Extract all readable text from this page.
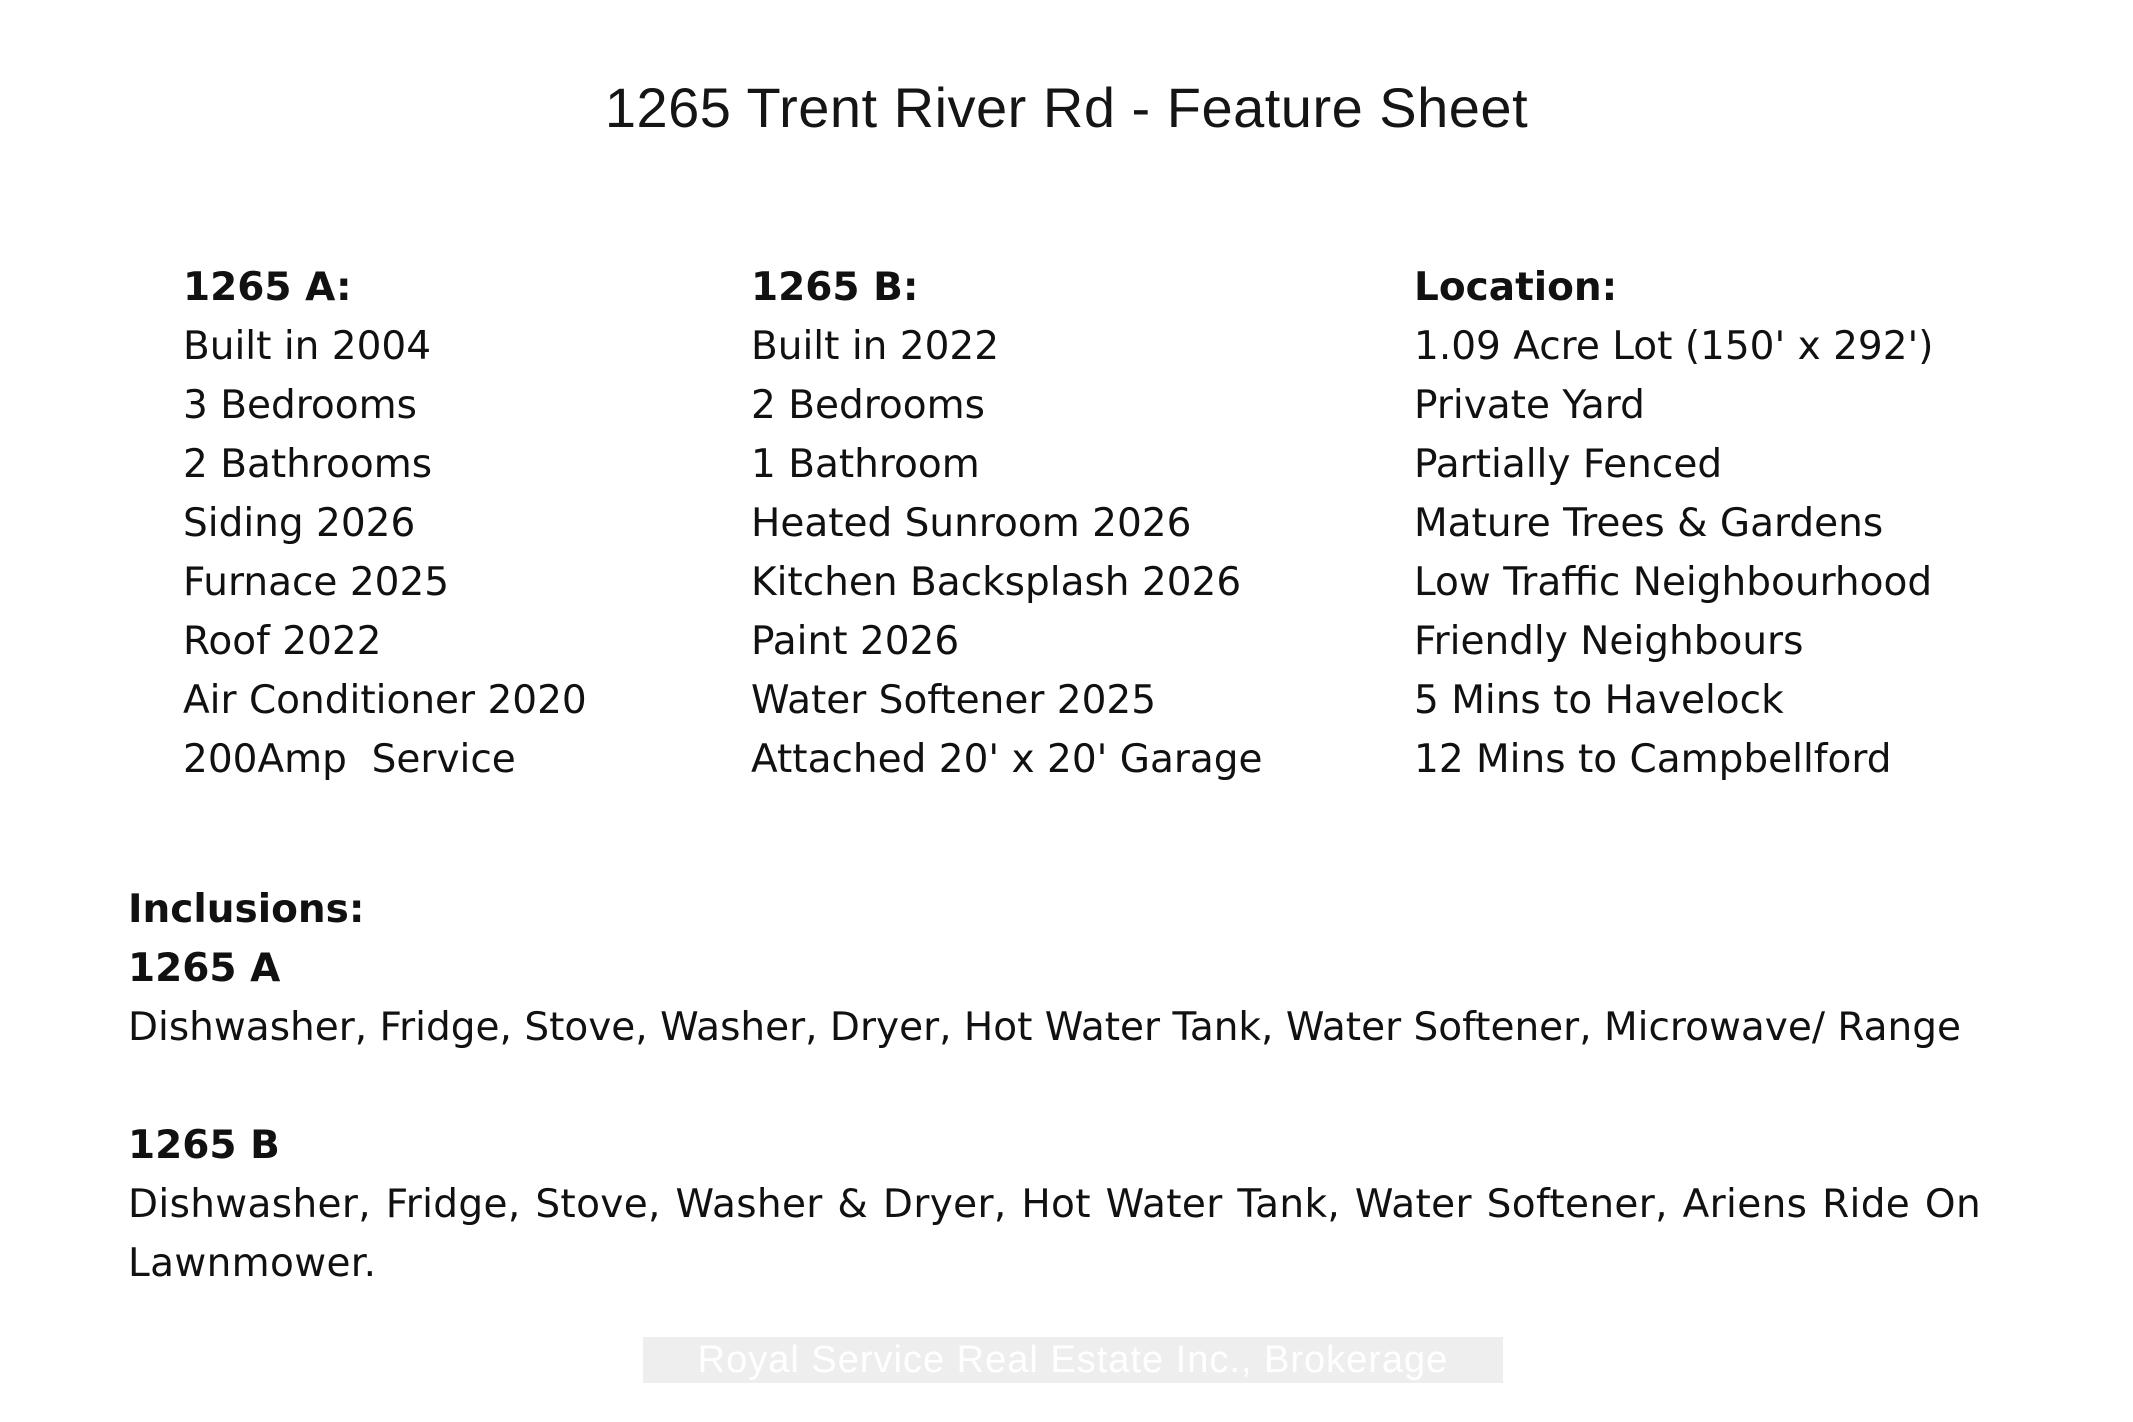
1265 Trent River Rd - Feature Sheet
1265 A:
Built in 2004
3 Bedrooms
2 Bathrooms
Siding 2026
Furnace 2025
Roof 2022
Air Conditioner 2020
200Amp  Service
1265 B:
Built in 2022
2 Bedrooms
1 Bathroom
Heated Sunroom 2026
Kitchen Backsplash 2026
Paint 2026
Water Softener 2025
Attached 20' x 20' Garage
Location:
1.09 Acre Lot (150' x 292')
Private Yard
Partially Fenced
Mature Trees & Gardens
Low Traffic Neighbourhood
Friendly Neighbours
5 Mins to Havelock
12 Mins to Campbellford
Inclusions:
1265 A
Dishwasher, Fridge, Stove, Washer, Dryer, Hot Water Tank, Water Softener, Microwave/ Range
1265 B
Dishwasher, Fridge, Stove, Washer & Dryer, Hot Water Tank, Water Softener, Ariens Ride On Lawnmower.
Royal Service Real Estate Inc., Brokerage
